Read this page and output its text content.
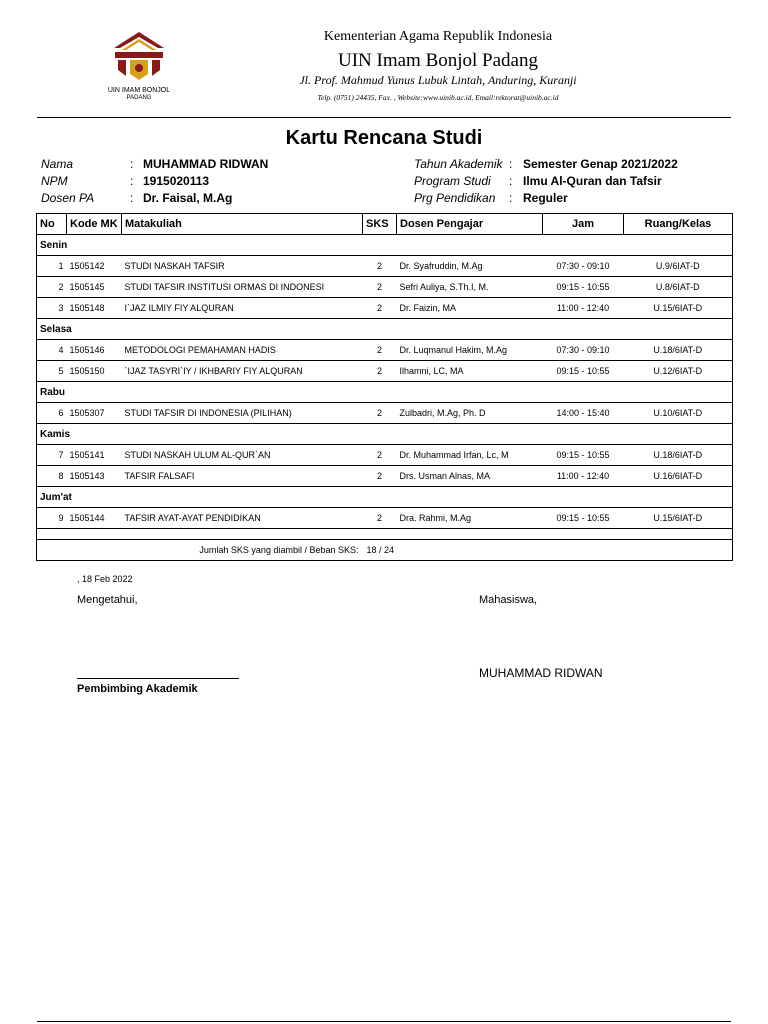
UIN IMAM BONJOL
PADANG
Kementerian Agama Republik Indonesia
UIN Imam Bonjol Padang
Jl. Prof. Mahmud Yunus Lubuk Lintah, Anduring, Kuranji
Telp. (0751) 24435, Fax. , Website:www.uinib.ac.id, Email:rektorat@uinib.ac.id
Kartu Rencana Studi
Nama	: MUHAMMAD RIDWAN
NPM	: 1915020113
Dosen PA	: Dr. Faisal, M.Ag
Tahun Akademik : Semester Genap 2021/2022
Program Studi : Ilmu Al-Quran dan Tafsir
Prg Pendidikan : Reguler
No	Kode MK	Matakuliah	SKS	Dosen Pengajar	Jam	Ruang/Kelas
Senin						
1	1505142	STUDI NASKAH TAFSIR	2	Dr. Syafruddin, M.Ag	07:30 - 09:10	U.9/6IAT-D
2	1505145	STUDI TAFSIR INSTITUSI ORMAS DI INDONESI	2	Sefri Auliya, S.Th.I, M.	09:15 - 10:55	U.8/6IAT-D
3	1505148	I`JAZ ILMIY FIY ALQURAN	2	Dr. Faizin, MA	11:00 - 12:40	U.15/6IAT-D
Selasa						
4	1505146	METODOLOGI PEMAHAMAN HADIS	2	Dr. Luqmanul Hakim, M.Ag	07:30 - 09:10	U.18/6IAT-D
5	1505150	`IJAZ TASYRI`IY / IKHBARIY FIY ALQURAN	2	Ilhamni, LC, MA	09:15 - 10:55	U.12/6IAT-D
Rabu						
6	1505307	STUDI TAFSIR DI INDONESIA (PILIHAN)	2	Zulbadri, M.Ag, Ph. D	14:00 - 15:40	U.10/6IAT-D
Kamis						
7	1505141	STUDI NASKAH ULUM AL-QUR`AN	2	Dr. Muhammad Irfan, Lc, M	09:15 - 10:55	U.18/6IAT-D
8	1505143	TAFSIR FALSAFI	2	Drs. Usman Alnas, MA	11:00 - 12:40	U.16/6IAT-D
Jum'at						
9	1505144	TAFSIR AYAT-AYAT PENDIDIKAN	2	Dra. Rahmi, M.Ag	09:15 - 10:55	U.15/6IAT-D

Jumlah SKS yang diambil / Beban SKS:			18 / 24			
, 18 Feb 2022
Mengetahui,	Mahasiswa,
MUHAMMAD RIDWAN
Pembimbing Akademik
